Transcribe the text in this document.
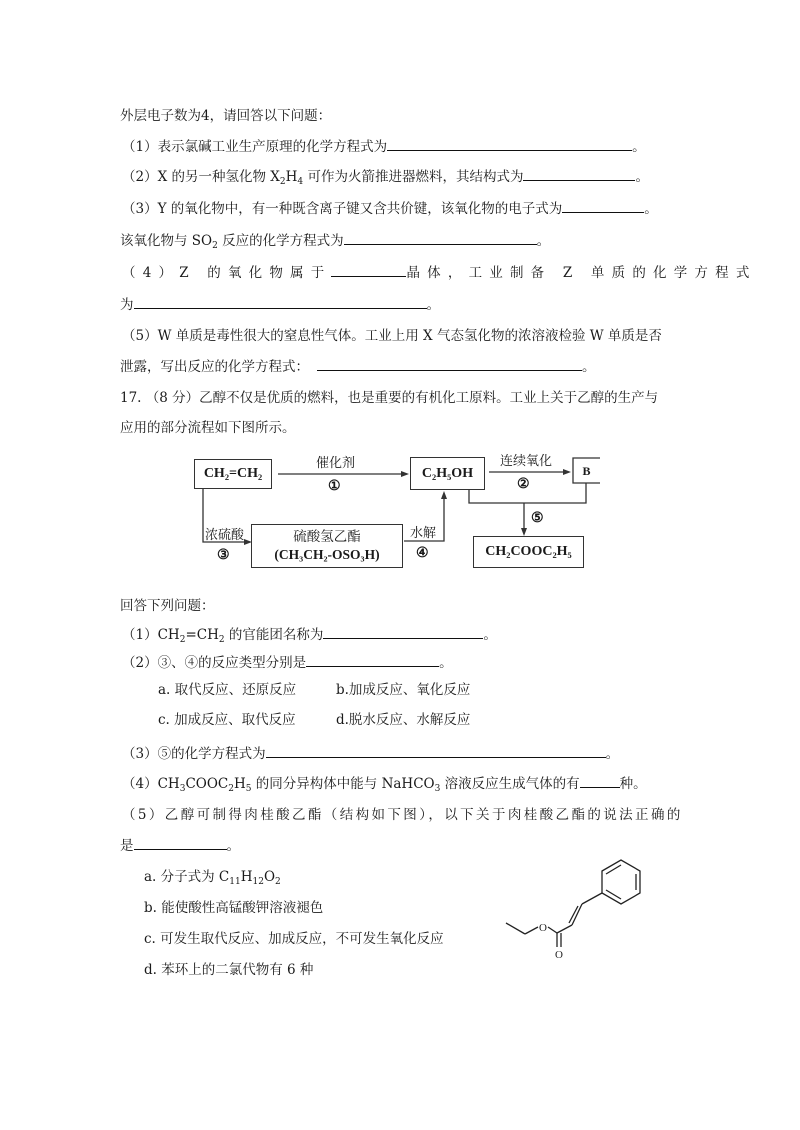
外层电子数为4，请回答以下问题：
（1）表示氯碱工业生产原理的化学方程式为	。
（2）X 的另一种氢化物 $X_2H_4$ 可作为火箭推进器燃料，其结构式为	。
（3）Y 的氧化物中，有一种既含离子键又含共价键，该氧化物的电子式为	。
该氧化物与 $SO_2$ 反应的化学方程式为	。
（4）Z 的氧化物属于	晶体，工业制备 Z 单质的化学方程式
为	。
（5）W 单质是毒性很大的窒息性气体。工业上用 X 气态氢化物的浓溶液检验 W 单质是否
泄露，写出反应的化学方程式：	。
17. （8 分）乙醇不仅是优质的燃料，也是重要的有机化工原料。工业上关于乙醇的生产与
应用的部分流程如下图所示。
CH₂=CH₂	C₂H₅OH	B
硫酸氢乙酯
(CH₃CH₂-OSO₃H)	CH₂COOC₂H₅
催化剂
①
连续氧化
②
浓硫酸
③
水解
④
⑤
回答下列问题：
$(1)CH_2=CH_2$ 的官能团名称为	。
（2）③、④的反应类型分别是	。
a. 取代反应、还原反应	b.加成反应、氧化反应
c. 加成反应、取代反应	d.脱水反应、水解反应
（3）⑤的化学方程式为	。
$(4)CH_3COOC_2H_5$ 的同分异构体中能与 NaHCO$_3$ 溶液反应生成气体的有	种。
（5）乙醇可制得肉桂酸乙酯（结构如下图），以下关于肉桂酸乙酯的说法正确的
是	。
a. 分子式为 $C_{11}H_{12}O_2$
b. 能使酸性高锰酸钾溶液褪色
c. 可发生取代反应、加成反应，不可发生氧化反应
d. 苯环上的二氯代物有 6 种
O
O
